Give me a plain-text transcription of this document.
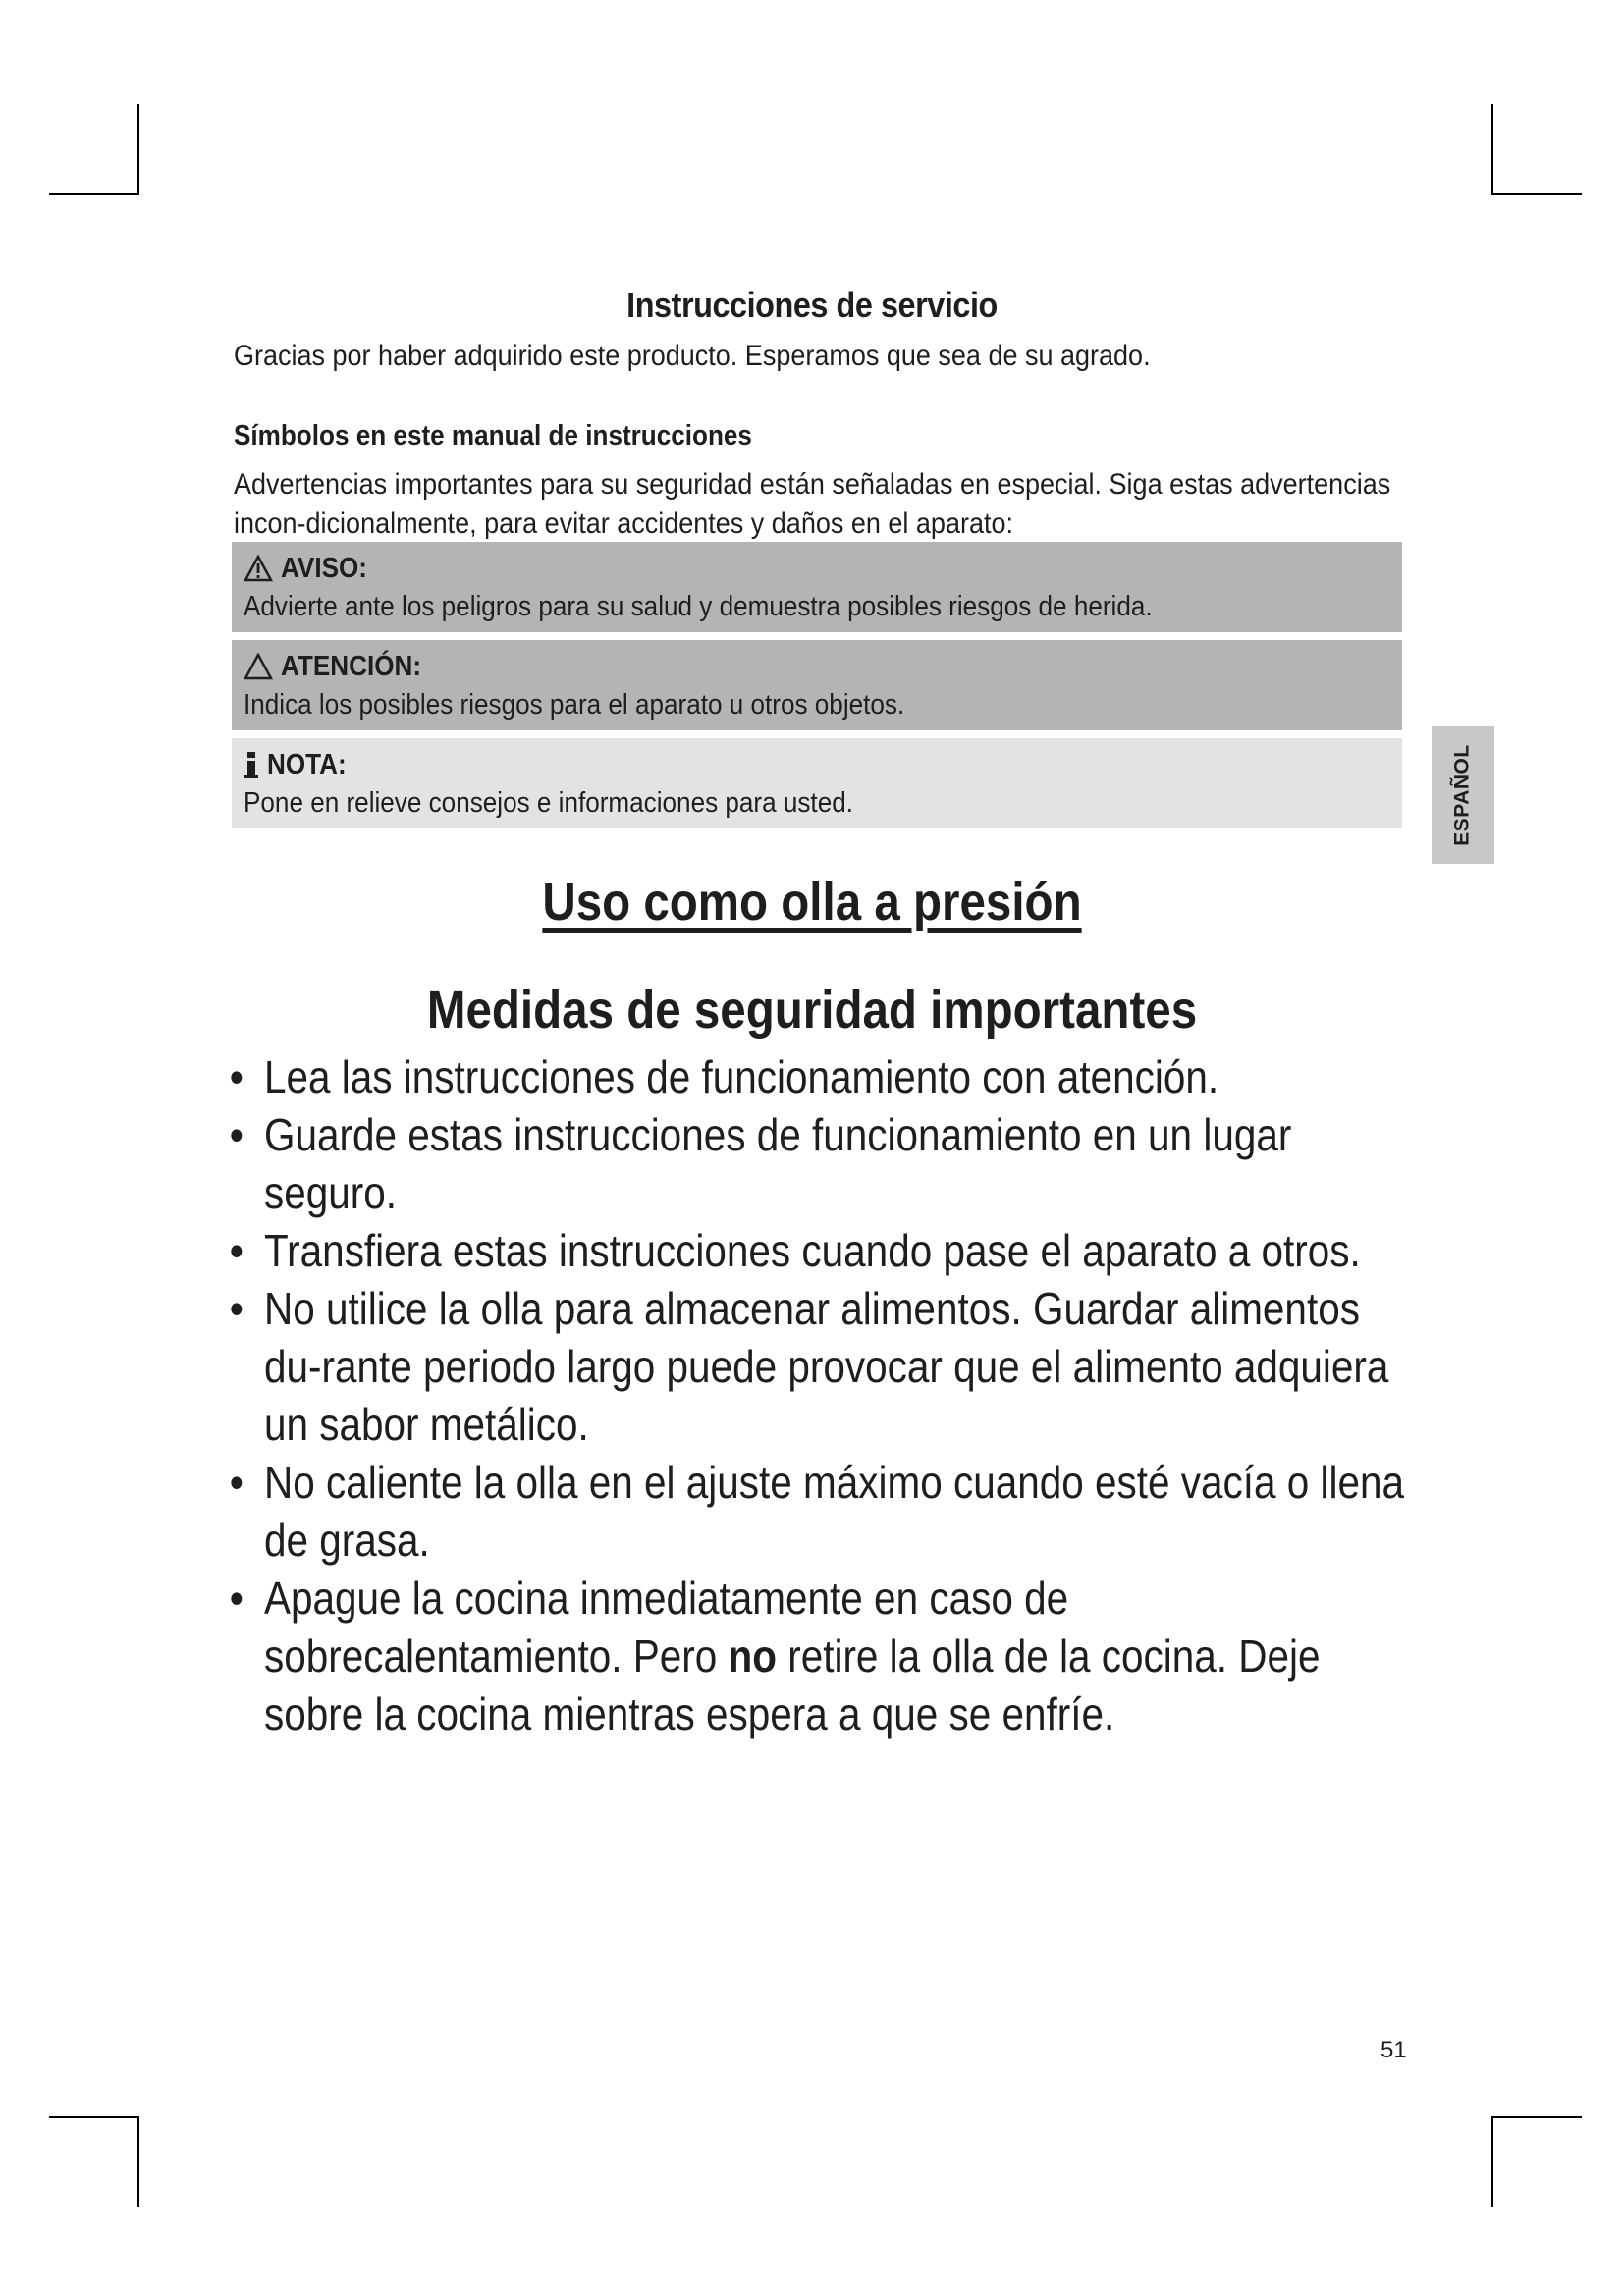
Instrucciones de servicio
Gracias por haber adquirido este producto. Esperamos que sea de su agrado.
Símbolos en este manual de instrucciones
Advertencias importantes para su seguridad están señaladas en especial. Siga estas advertencias incon-dicionalmente, para evitar accidentes y daños en el aparato:
AVISO:
Advierte ante los peligros para su salud y demuestra posibles riesgos de herida.
ATENCIÓN:
Indica los posibles riesgos para el aparato u otros objetos.
NOTA:
Pone en relieve consejos e informaciones para usted.	ESPAÑOL
Uso como olla a presión
Medidas de seguridad importantes
• Lea las instrucciones de funcionamiento con atención.
• Guarde estas instrucciones de funcionamiento en un lugar seguro.
• Transfiera estas instrucciones cuando pase el aparato a otros.
• No utilice la olla para almacenar alimentos. Guardar alimentos du-rante periodo largo puede provocar que el alimento adquiera un sabor metálico.
• No caliente la olla en el ajuste máximo cuando esté vacía o llena de grasa.
• Apague la cocina inmediatamente en caso de sobrecalentamiento. Pero no retire la olla de la cocina. Deje sobre la cocina mientras espera a que se enfríe.
51
